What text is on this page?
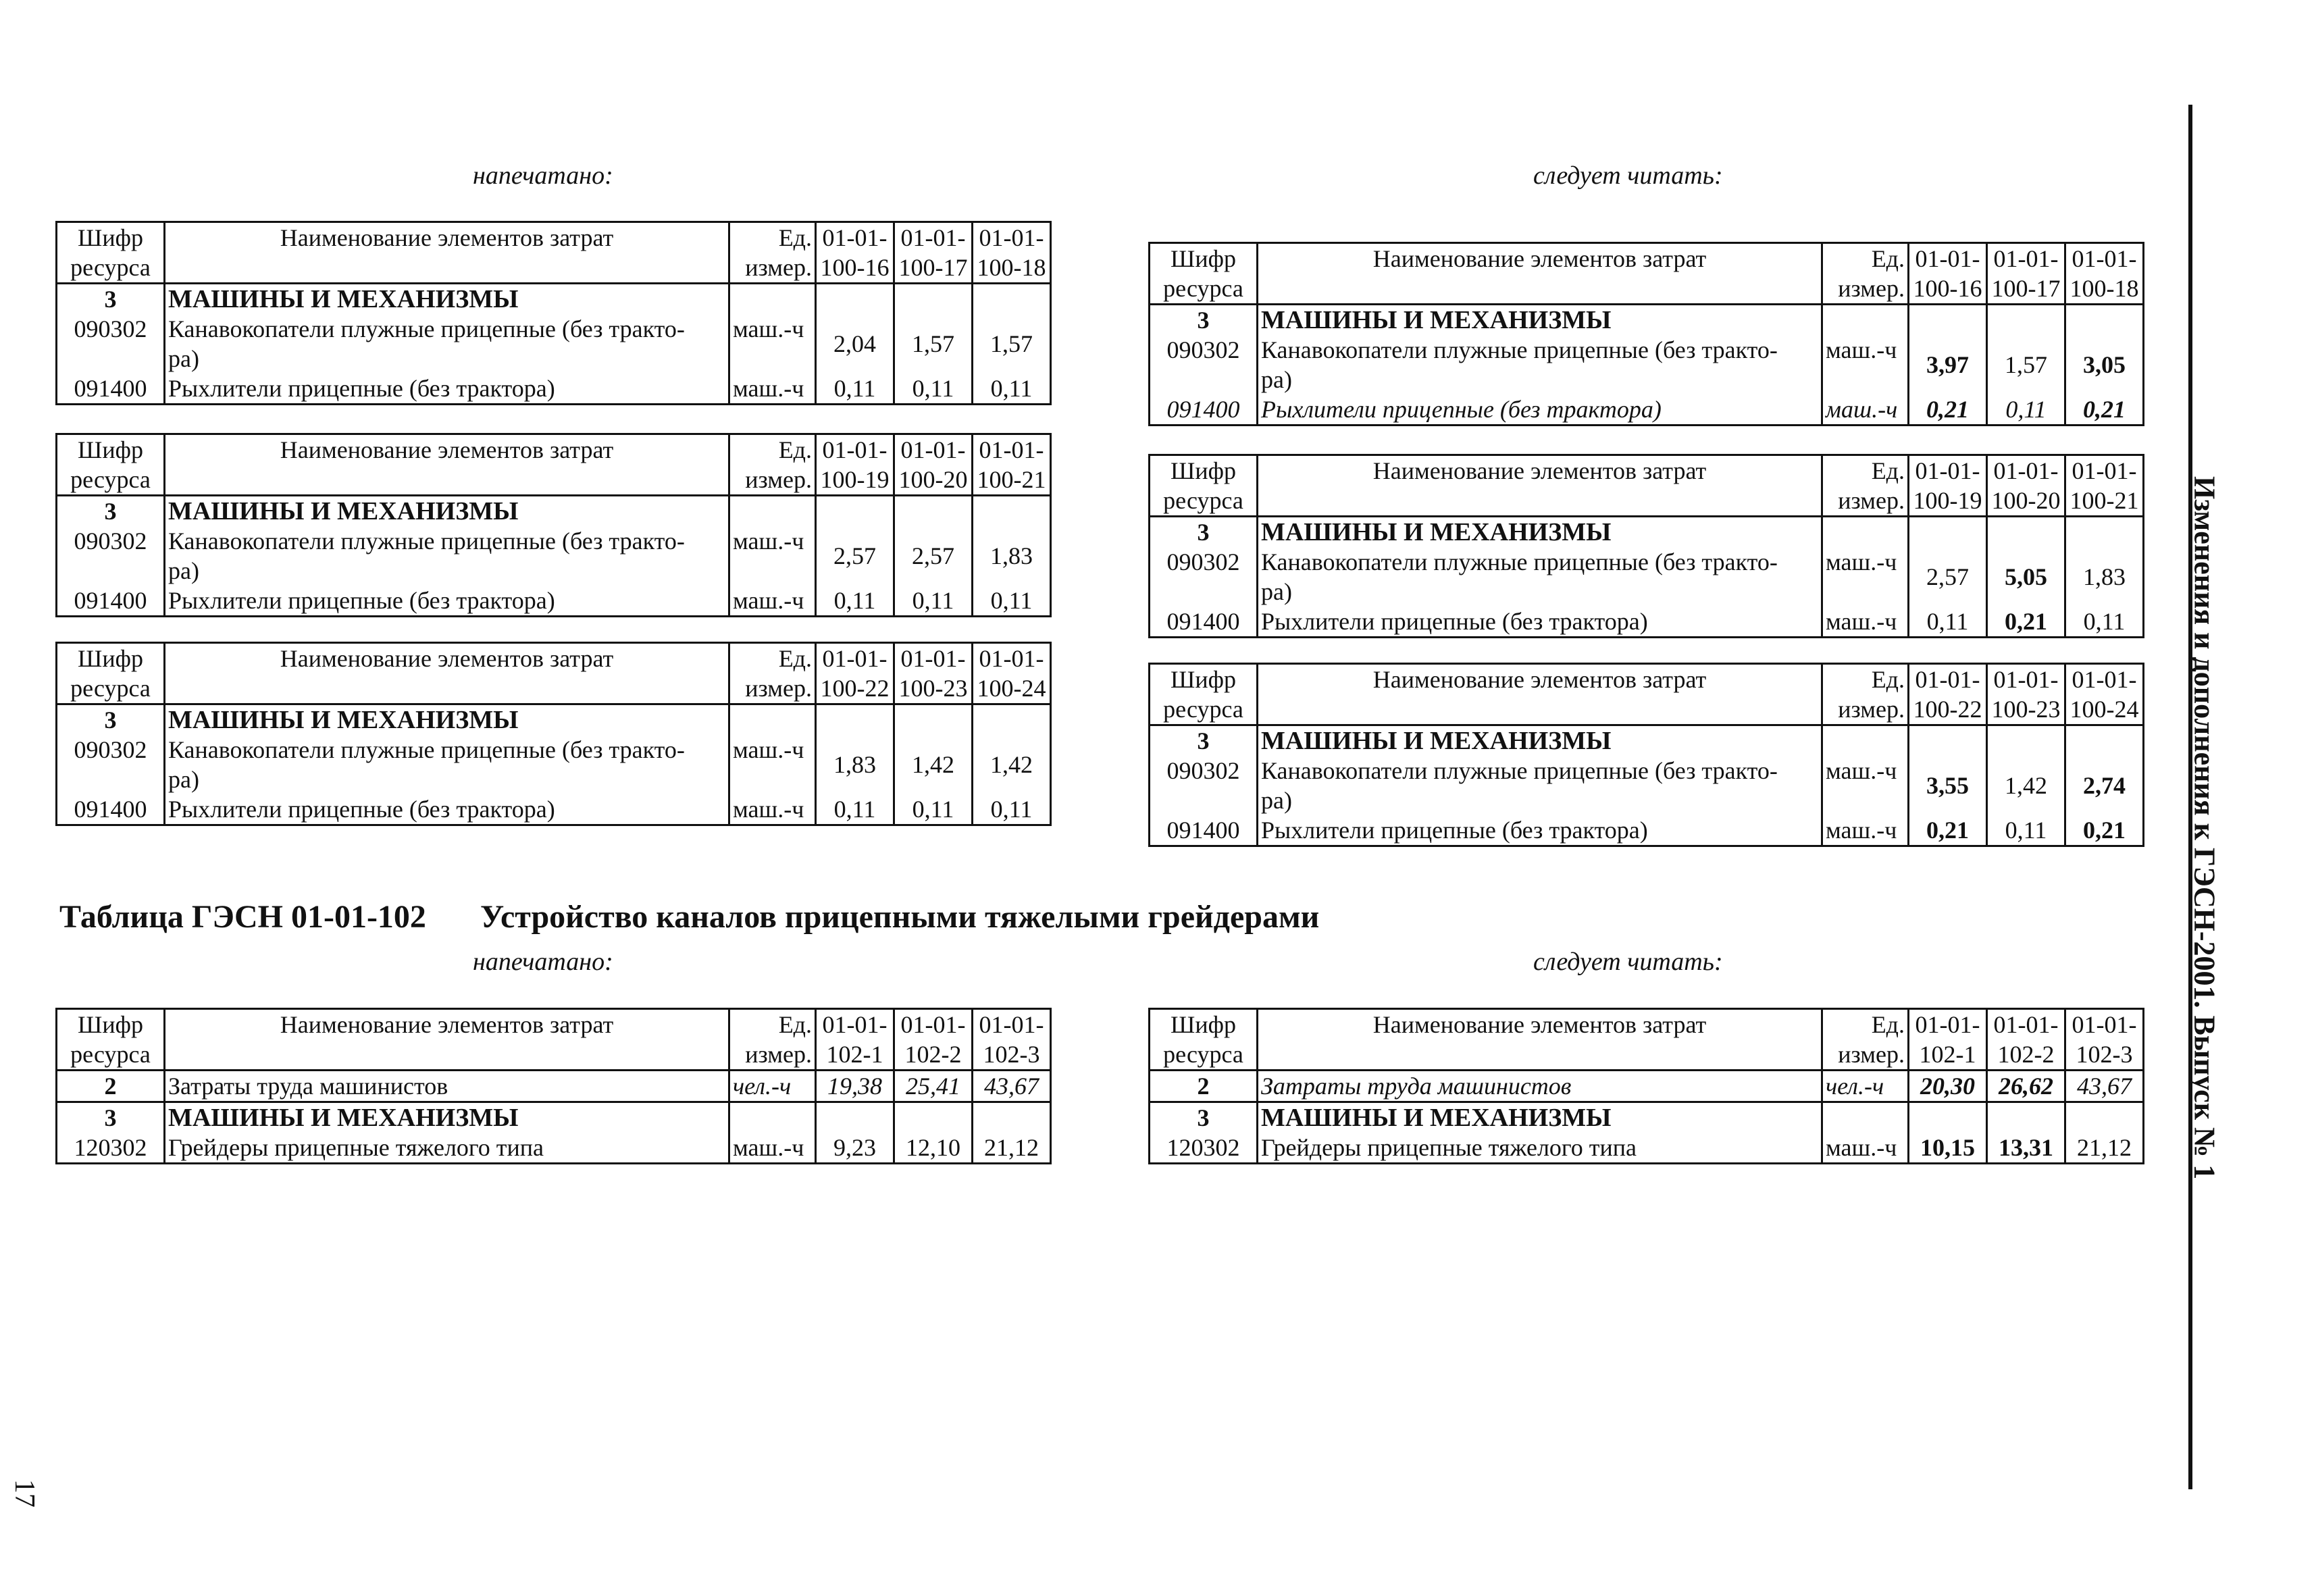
напечатано:	следует читать:
Шифр
ресурса	Наименование элементов затрат	Ед.
измер.	01-01-
100-16	01-01-
100-17	01-01-
100-18
3	МАШИНЫ И МЕХАНИЗМЫ				
090302	Канавокопатели плужные прицепные (без тракто-
ра)	маш.-ч	2,04	1,57	1,57
091400	Рыхлители прицепные (без трактора)	маш.-ч	0,11	0,11	0,11
Шифр
ресурса	Наименование элементов затрат	Ед.
измер.	01-01-
100-16	01-01-
100-17	01-01-
100-18
3	МАШИНЫ И МЕХАНИЗМЫ				
090302	Канавокопатели плужные прицепные (без тракто-
ра)	маш.-ч	3,97	1,57	3,05
091400	Рыхлители прицепные (без трактора)	маш.-ч	0,21	0,11	0,21
Шифр
ресурса	Наименование элементов затрат	Ед.
измер.	01-01-
100-19	01-01-
100-20	01-01-
100-21
3	МАШИНЫ И МЕХАНИЗМЫ				
090302	Канавокопатели плужные прицепные (без тракто-
ра)	маш.-ч	2,57	2,57	1,83
091400	Рыхлители прицепные (без трактора)	маш.-ч	0,11	0,11	0,11
Шифр
ресурса	Наименование элементов затрат	Ед.
измер.	01-01-
100-19	01-01-
100-20	01-01-
100-21
3	МАШИНЫ И МЕХАНИЗМЫ				
090302	Канавокопатели плужные прицепные (без тракто-
ра)	маш.-ч	2,57	5,05	1,83
091400	Рыхлители прицепные (без трактора)	маш.-ч	0,11	0,21	0,11
Шифр
ресурса	Наименование элементов затрат	Ед.
измер.	01-01-
100-22	01-01-
100-23	01-01-
100-24
3	МАШИНЫ И МЕХАНИЗМЫ				
090302	Канавокопатели плужные прицепные (без тракто-
ра)	маш.-ч	1,83	1,42	1,42
091400	Рыхлители прицепные (без трактора)	маш.-ч	0,11	0,11	0,11
Шифр
ресурса	Наименование элементов затрат	Ед.
измер.	01-01-
100-22	01-01-
100-23	01-01-
100-24
3	МАШИНЫ И МЕХАНИЗМЫ				
090302	Канавокопатели плужные прицепные (без тракто-
ра)	маш.-ч	3,55	1,42	2,74
091400	Рыхлители прицепные (без трактора)	маш.-ч	0,21	0,11	0,21
Таблица ГЭСН 01-01-102 Устройство каналов прицепными тяжелыми грейдерами
напечатано:	следует читать:
Шифр
ресурса	Наименование элементов затрат	Ед.
измер.	01-01-
102-1	01-01-
102-2	01-01-
102-3
2	Затраты труда машинистов	чел.-ч	19,38	25,41	43,67
3	МАШИНЫ И МЕХАНИЗМЫ				
120302	Грейдеры прицепные тяжелого типа	маш.-ч	9,23	12,10	21,12
Шифр
ресурса	Наименование элементов затрат	Ед.
измер.	01-01-
102-1	01-01-
102-2	01-01-
102-3
2	Затраты труда машинистов	чел.-ч	20,30	26,62	43,67
3	МАШИНЫ И МЕХАНИЗМЫ				
120302	Грейдеры прицепные тяжелого типа	маш.-ч	10,15	13,31	21,12 Изменения и дополнения к ГЭСН-2001. Выпуск № 1
17
